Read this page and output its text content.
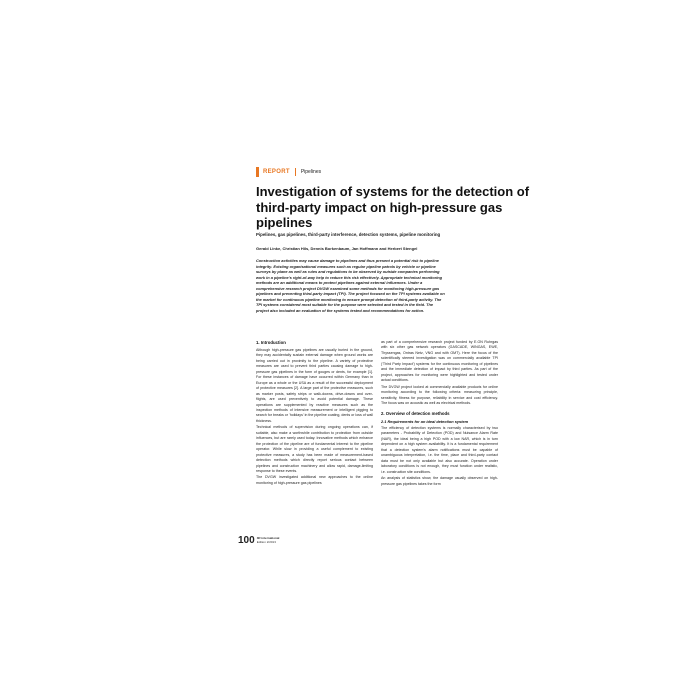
REPORT Pipelines
Investigation of systems for the detection of third-party impact on high-pressure gas pipelines
Pipelines, gas pipelines, third-party interference, detection systems, pipeline monitoring
Gerald Linke, Christian Hils, Dennis Borkenbaum, Jan Hoffmann and Herbert Stengel
Construction activities may cause damage to pipelines and thus present a potential risk to pipeline integrity. Existing organisational measures such as regular pipeline patrols by vehicle or pipeline surveys by plane as well as rules and regulations to be observed by outside companies performing work in a pipeline's right-of-way help to reduce this risk effectively. Appropriate technical monitoring methods are an additional means to protect pipelines against external influences. Under a comprehensive research project DVGW examined some methods for monitoring high-pressure gas pipelines and preventing third-party impact (TPI). The project focused on the TPI systems available on the market for continuous pipeline monitoring to ensure prompt detection of third-party activity. The TPI systems considered most suitable for the purpose were selected and tested in the field. The project also included an evaluation of the systems tested and recommendations for action.
1. Introduction

Although high-pressure gas pipelines are usually buried in the ground, they may accidentally sustain external damage when ground works are being carried out in proximity to the pipeline. A variety of protective measures are used to prevent third parties causing damage to high-pressure gas pipelines in the form of gouges or dents, for example [1]. For these instances of damage have occurred within Germany than in Europe as a whole or the USA as a result of the successful deployment of protective measures [2]. A large part of the protective measures, such as marker posts, safety strips or walk-downs, drive-downs and over-flights, are used preventively to avoid potential damage. These operations are supplemented by reactive measures such as the inspection methods of intensive measurement or intelligent pigging to search for breaks or 'holidays' in the pipeline coating, dents or loss of wall thickness.

Technical methods of supervision during ongoing operations can, if suitable, also make a worthwhile contribution to protection from outside influences, but are rarely used today. Innovative methods which enhance the protection of the pipeline are of fundamental interest to the pipeline operator. While slow in providing a useful complement to existing protective measures, a study has been made of measurement-based detection methods which directly report serious contact between pipelines and construction machinery and allow rapid, damage-limiting response to these events.

The DVGW investigated additional new approaches to the online monitoring of high-pressure gas pipelines

as part of a comprehensive research project funded by E.ON Ruhrgas with six other gas network operators (GASCADE, WINGAS, EWE, Thyssengas, Ontras Netz, VNG and with OMT). Here the focus of the scientifically steered investigation was on commercially available TPI ('Third Party Impact') systems for the continuous monitoring of pipelines and the immediate detection of impact by third parties. As part of the project, approaches for monitoring were highlighted and tested under actual conditions.

The DVGW project looked at commercially available products for online monitoring according to the following criteria: measuring principle, sensitivity, fitness for purpose, reliability in service and cost efficiency. The focus was on acoustic as well as electrical methods.

2. Overview of detection methods
2.1 Requirements for an ideal detection system

The efficiency of detection systems is normally characterised by two parameters - Probability of Detection (POD) and Nuisance Alarm Rate (NAR), the ideal being a high POD with a low NAR, which is in turn dependent on a high system availability. It is a fundamental requirement that a detection system's alarm notifications must be capable of unambiguous interpretation, i.e. the time, place and third-party contact data must be not only available but also accurate. Operation under laboratory conditions is not enough, they must function under realistic, i.e. construction site conditions.

An analysis of statistics show, the damage usually observed on high-pressure gas pipelines takes the form

100 3R international
Edition 2/2013
